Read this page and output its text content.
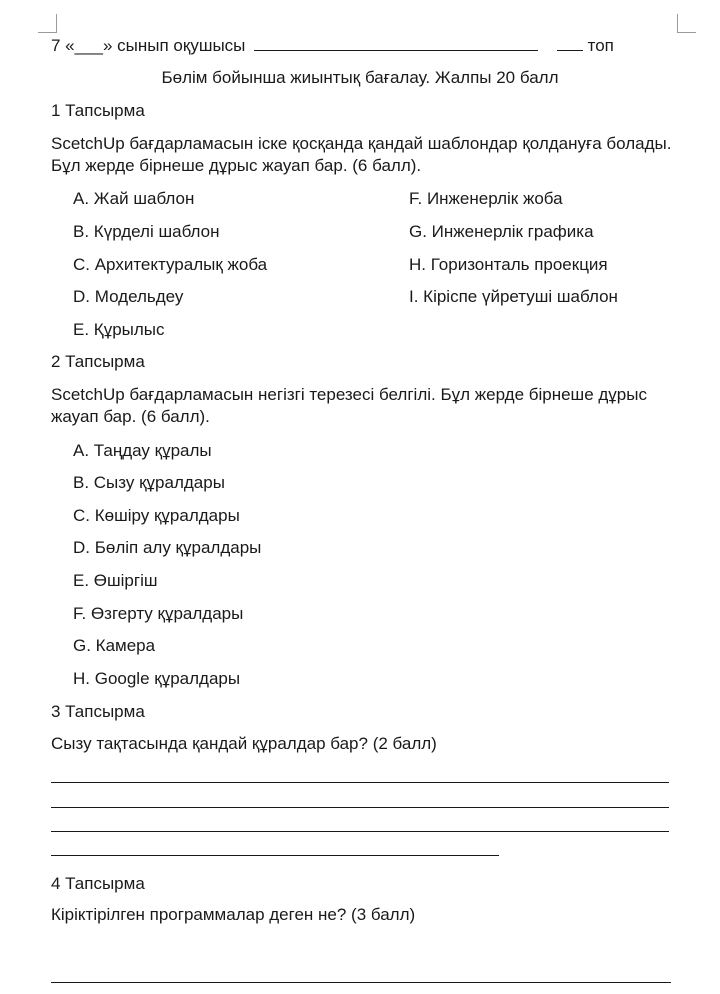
7 «___» сынып оқушысы	топ
Бөлім бойынша жиынтық бағалау. Жалпы 20 балл
1 Тапсырма
ScetchUp бағдарламасын іске қосқанда қандай шаблондар қолдануға болады. Бұл жерде бірнеше дұрыс жауап бар. (6 балл).
A. Жай шаблон
B. Күрделі шаблон
C. Архитектуралық жоба
D. Модельдеу
E. Құрылыс
F. Инженерлік жоба
G. Инженерлік графика
H. Горизонталь проекция
I. Кіріспе үйретуші шаблон
2 Тапсырма
ScetchUp бағдарламасын негізгі терезесі белгілі. Бұл жерде бірнеше дұрыс жауап бар. (6 балл).
A. Таңдау құралы
B. Сызу құралдары
C. Көшіру құралдары
D. Бөліп алу құралдары
E. Өшіргіш
F. Өзгерту құралдары
G. Камера
H. Google құралдары
3 Тапсырма
Сызу тақтасында қандай құралдар бар? (2 балл)
4 Тапсырма
Кіріктірілген программалар деген не? (3 балл)
